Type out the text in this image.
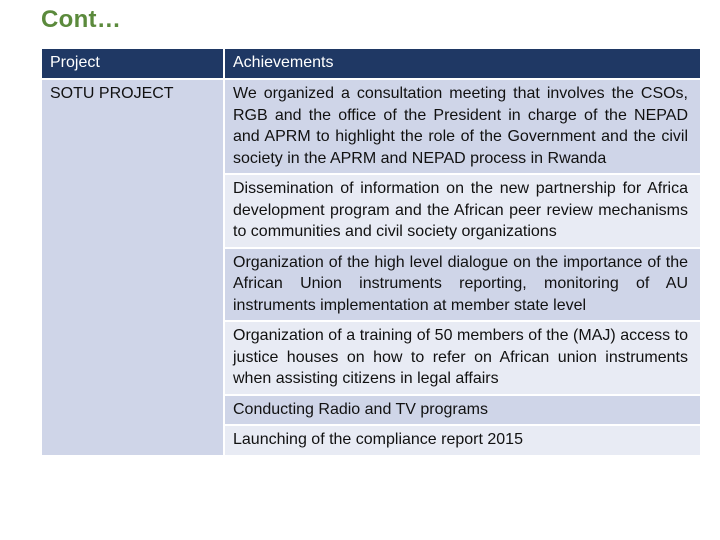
Cont…
Project	Achievements
SOTU PROJECT	We organized a consultation meeting that involves the CSOs, RGB and the office of the President in charge of the NEPAD and APRM to highlight the role of the Government and the civil society in the APRM and NEPAD process in Rwanda
	Dissemination of information on the new partnership for Africa development program and the African peer review mechanisms to communities and civil society organizations
	Organization of the high level dialogue on the importance of the African Union instruments reporting, monitoring of AU instruments implementation at member state level
	Organization of a training of 50 members of the (MAJ) access to justice houses on how to refer on African union instruments when assisting citizens in legal affairs
	Conducting Radio and TV programs
	Launching of the compliance report 2015
